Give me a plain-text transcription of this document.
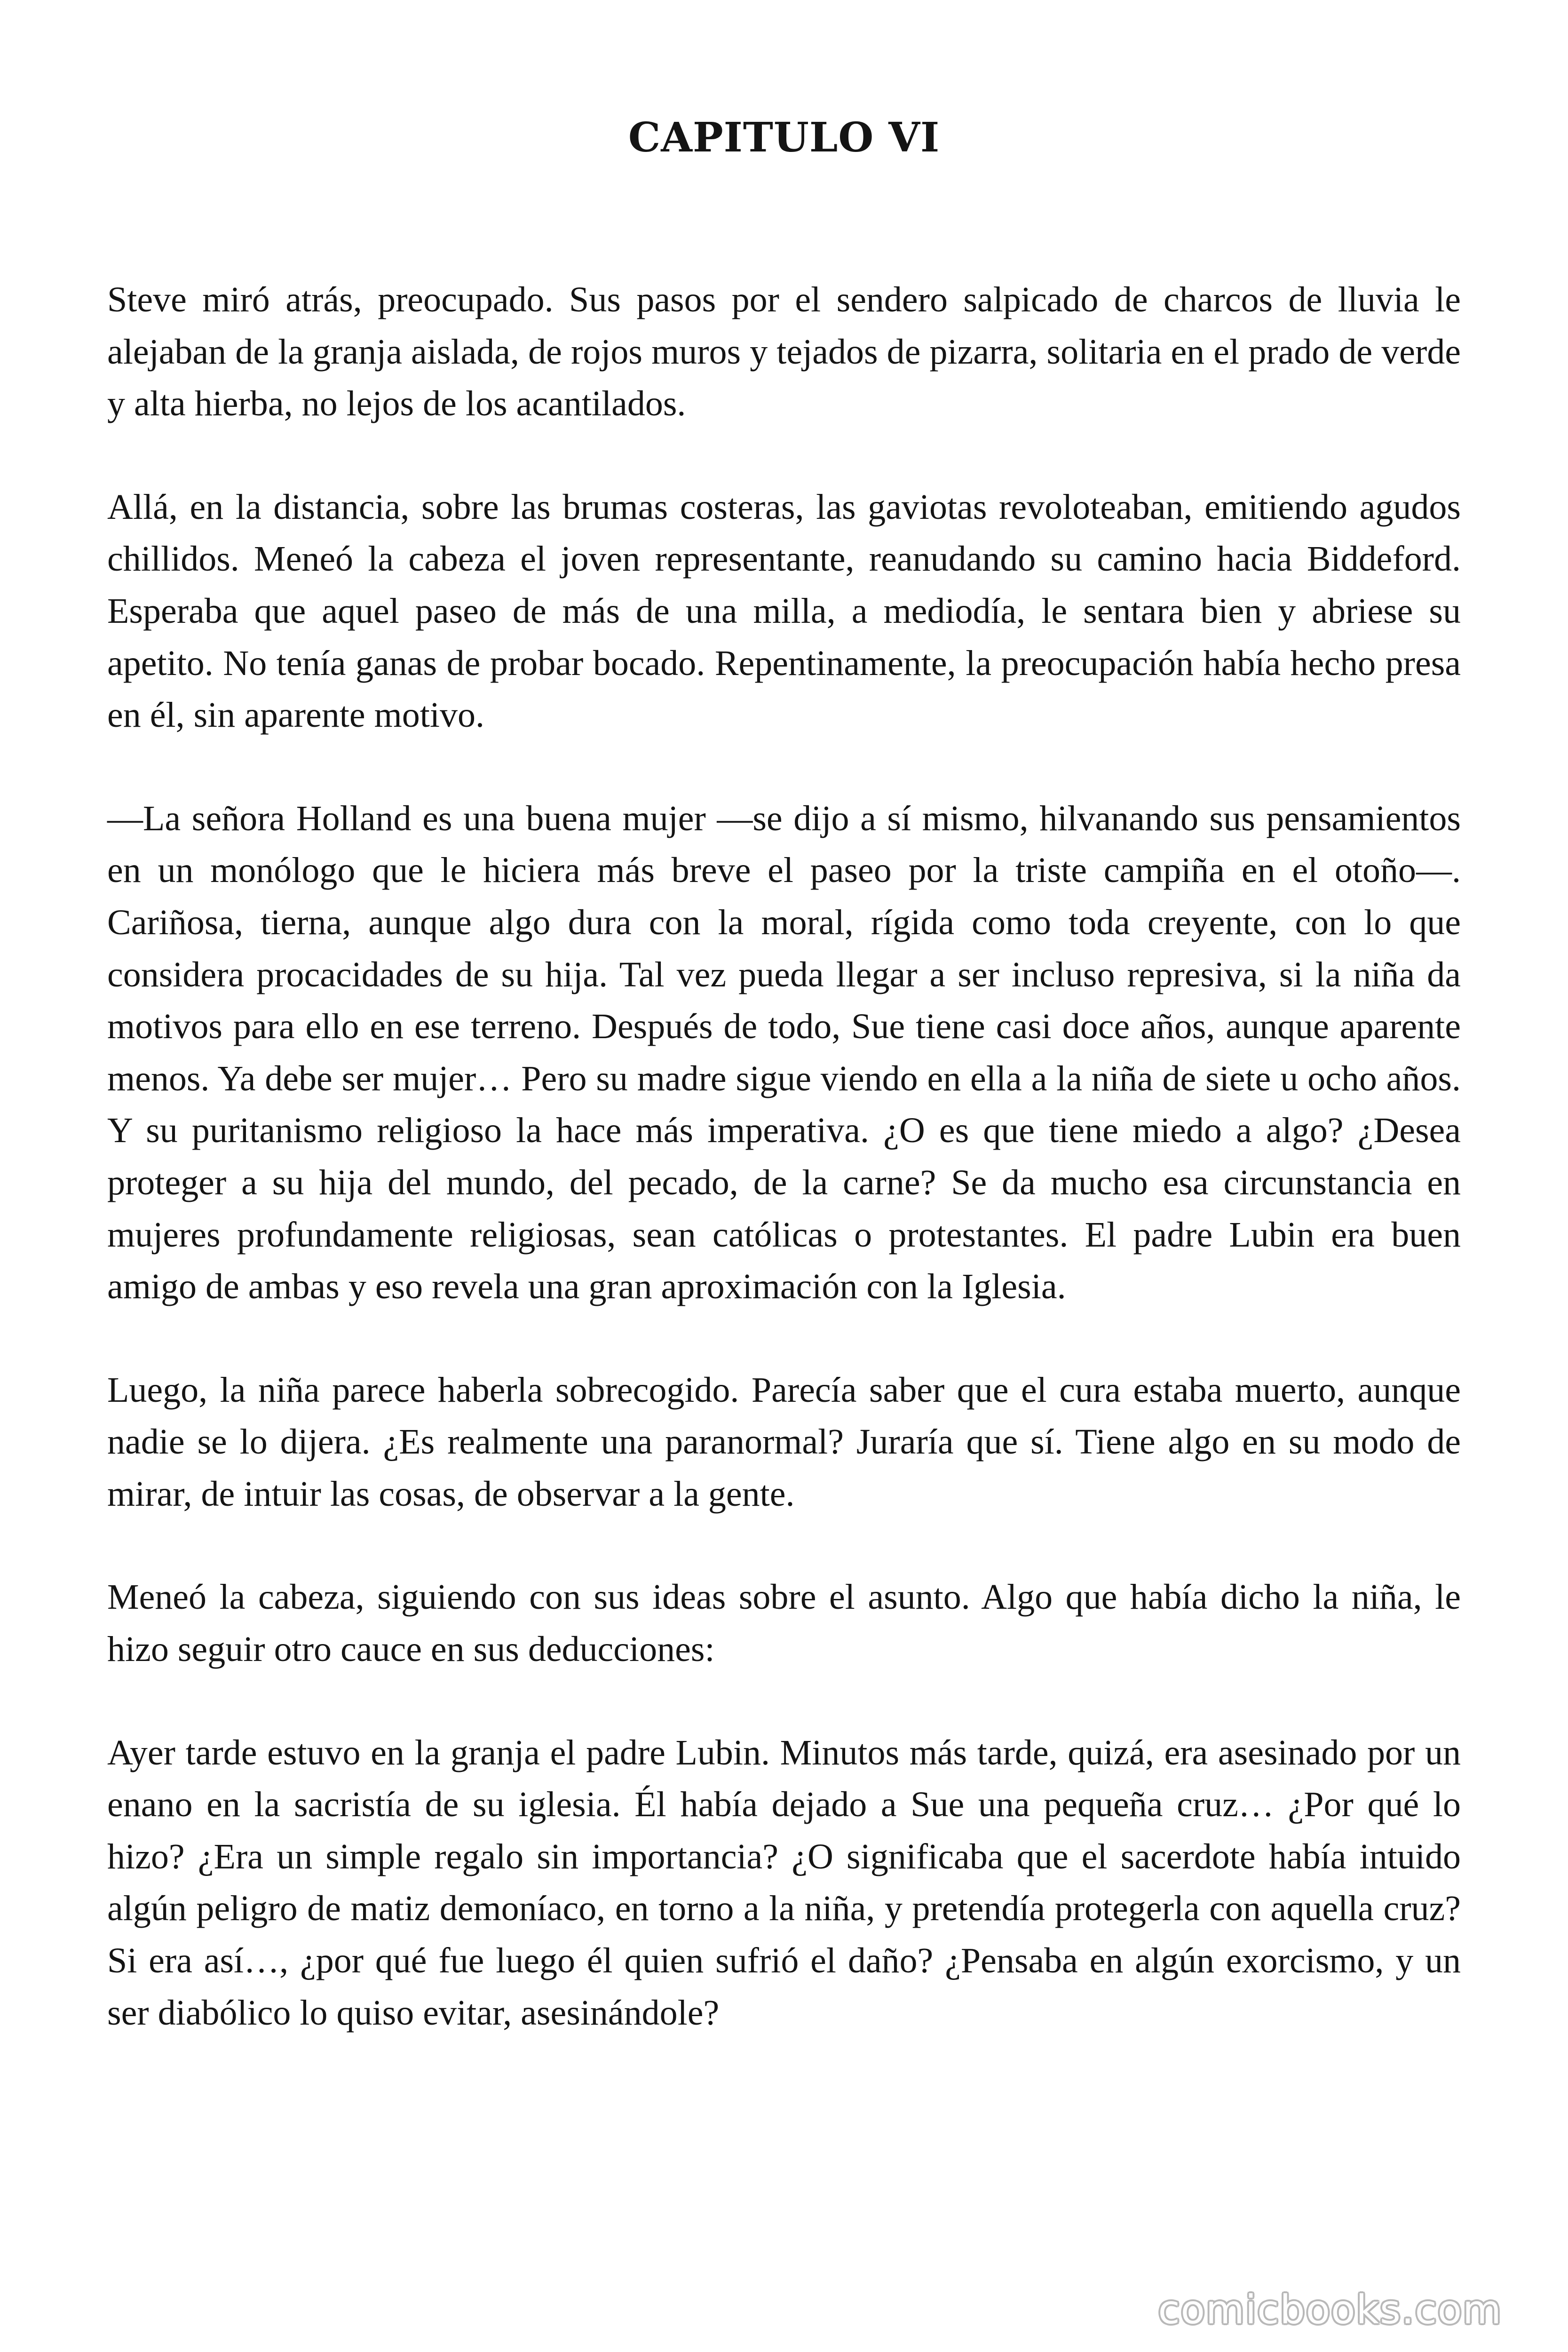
CAPITULO VI

Steve miró atrás, preocupado. Sus pasos por el sendero salpicado de charcos de lluvia le alejaban de la granja aislada, de rojos muros y tejados de pizarra, solitaria en el prado de verde y alta hierba, no lejos de los acantilados.

Allá, en la distancia, sobre las brumas costeras, las gaviotas revoloteaban, emitiendo agudos chillidos. Meneó la cabeza el joven representante, reanudando su camino hacia Biddeford. Esperaba que aquel paseo de más de una milla, a mediodía, le sentara bien y abriese su apetito. No tenía ganas de probar bocado. Repentinamente, la preocupación había hecho presa en él, sin aparente motivo.

—La señora Holland es una buena mujer —se dijo a sí mismo, hilvanando sus pensamientos en un monólogo que le hiciera más breve el paseo por la triste campiña en el otoño—. Cariñosa, tierna, aunque algo dura con la moral, rígida como toda creyente, con lo que considera procacidades de su hija. Tal vez pueda llegar a ser incluso represiva, si la niña da motivos para ello en ese terreno. Después de todo, Sue tiene casi doce años, aunque aparente menos. Ya debe ser mujer… Pero su madre sigue viendo en ella a la niña de siete u ocho años. Y su puritanismo religioso la hace más imperativa. ¿O es que tiene miedo a algo? ¿Desea proteger a su hija del mundo, del pecado, de la carne? Se da mucho esa circunstancia en mujeres profundamente religiosas, sean católicas o protestantes. El padre Lubin era buen amigo de ambas y eso revela una gran aproximación con la Iglesia.

Luego, la niña parece haberla sobrecogido. Parecía saber que el cura estaba muerto, aunque nadie se lo dijera. ¿Es realmente una paranormal? Juraría que sí. Tiene algo en su modo de mirar, de intuir las cosas, de observar a la gente.

Meneó la cabeza, siguiendo con sus ideas sobre el asunto. Algo que había dicho la niña, le hizo seguir otro cauce en sus deducciones:

Ayer tarde estuvo en la granja el padre Lubin. Minutos más tarde, quizá, era asesinado por un enano en la sacristía de su iglesia. Él había dejado a Sue una pequeña cruz… ¿Por qué lo hizo? ¿Era un simple regalo sin importancia? ¿O significaba que el sacerdote había intuido algún peligro de matiz demoníaco, en torno a la niña, y pretendía protegerla con aquella cruz? Si era así…, ¿por qué fue luego él quien sufrió el daño? ¿Pensaba en algún exorcismo, y un ser diabólico lo quiso evitar, asesinándole?

comicbooks.com
